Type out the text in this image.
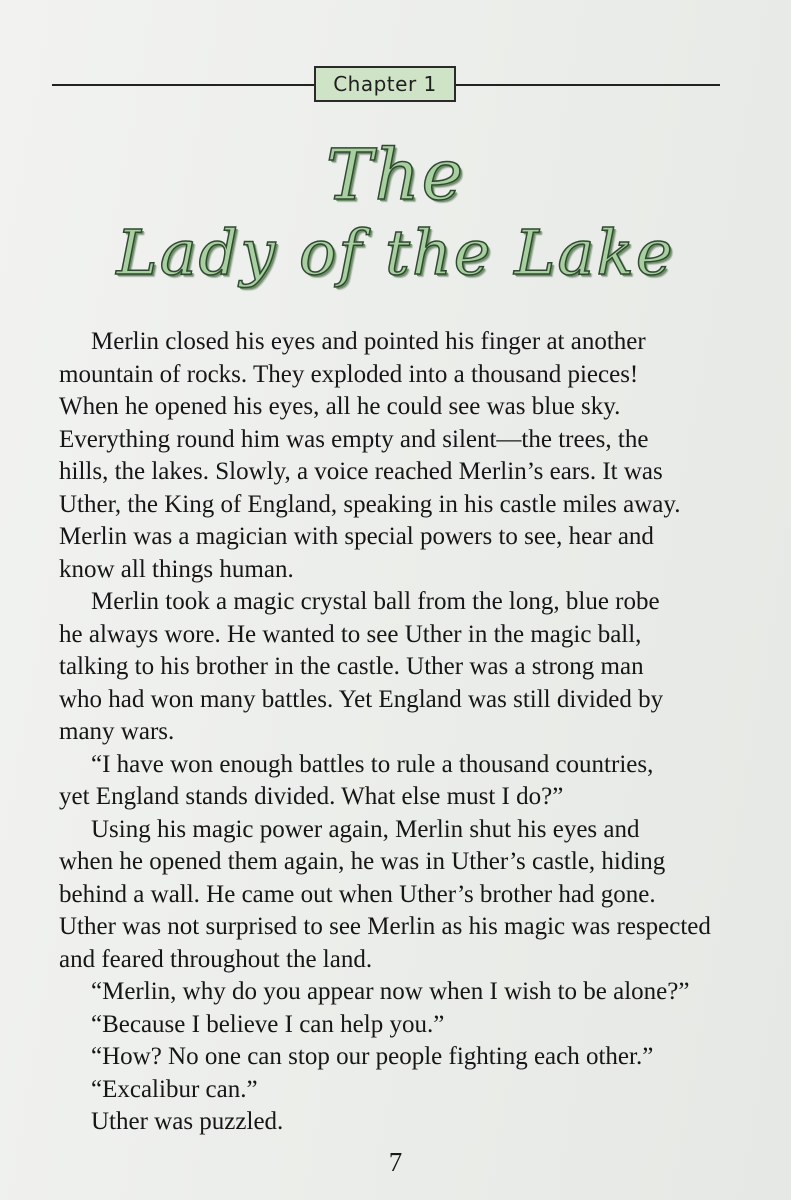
Chapter 1
The
Lady of the Lake
Merlin closed his eyes and pointed his finger at another
mountain of rocks. They exploded into a thousand pieces!
When he opened his eyes, all he could see was blue sky.
Everything round him was empty and silent—the trees, the
hills, the lakes. Slowly, a voice reached Merlin’s ears. It was
Uther, the King of England, speaking in his castle miles away.
Merlin was a magician with special powers to see, hear and
know all things human.
Merlin took a magic crystal ball from the long, blue robe
he always wore. He wanted to see Uther in the magic ball,
talking to his brother in the castle. Uther was a strong man
who had won many battles. Yet England was still divided by
many wars.
“I have won enough battles to rule a thousand countries,
yet England stands divided. What else must I do?”
Using his magic power again, Merlin shut his eyes and
when he opened them again, he was in Uther’s castle, hiding
behind a wall. He came out when Uther’s brother had gone.
Uther was not surprised to see Merlin as his magic was respected
and feared throughout the land.
“Merlin, why do you appear now when I wish to be alone?”
“Because I believe I can help you.”
“How? No one can stop our people fighting each other.”
“Excalibur can.”
Uther was puzzled.
7
